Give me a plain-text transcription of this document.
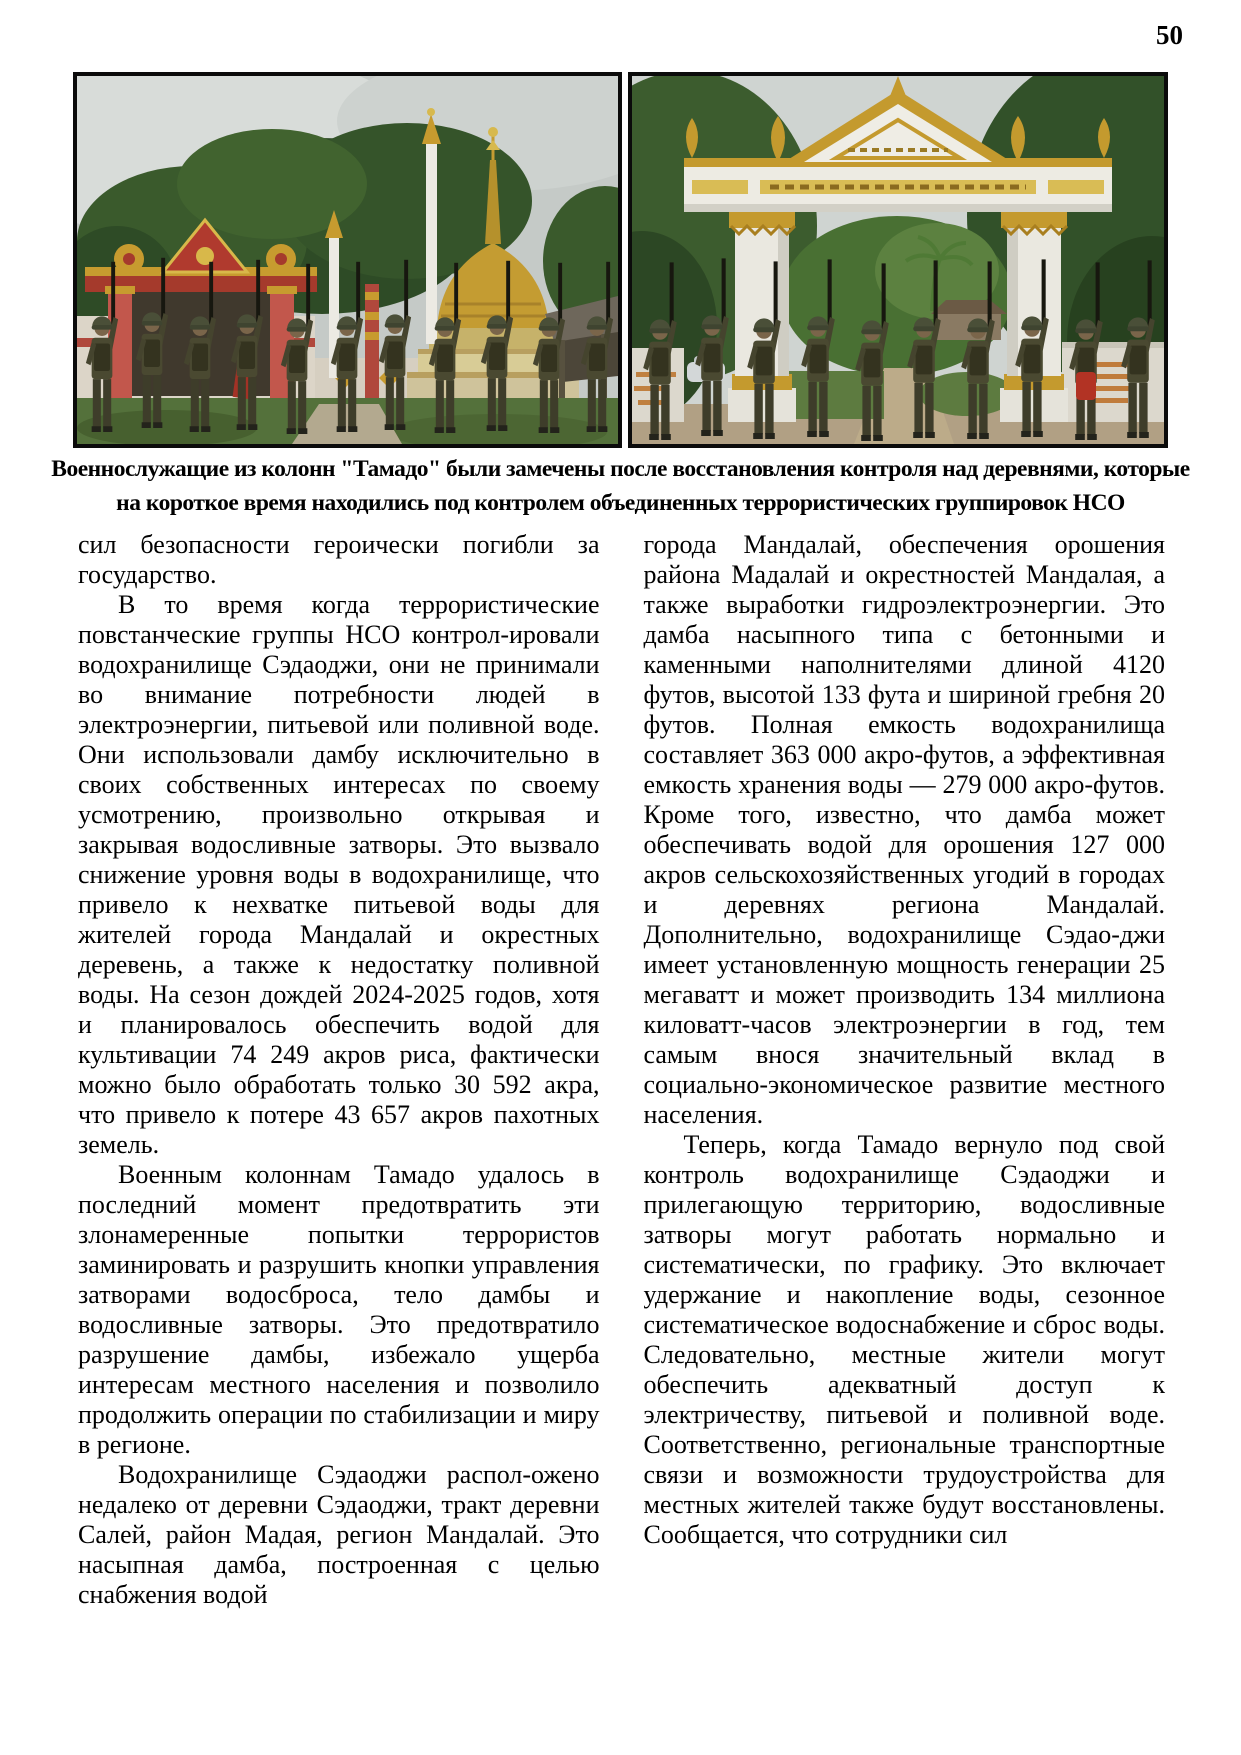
50
Военнослужащие из колонн "Тамадо" были замечены после восстановления контроля над деревнями, которые
на короткое время находились под контролем объединенных террористических группировок НСО

сил безопасности героически погибли за государство.

В то время когда террористические повстанческие группы НСО контрол-ировали водохранилище Сэдаоджи, они не принимали во внимание потребности людей в электроэнергии, питьевой или поливной воде. Они использовали дамбу исключительно в своих собственных интересах по своему усмотрению, произвольно открывая и закрывая водосливные затворы. Это вызвало снижение уровня воды в водохранилище, что привело к нехватке питьевой воды для жителей города Мандалай и окрестных деревень, а также к недостатку поливной воды. На сезон дождей 2024-2025 годов, хотя и планировалось обеспечить водой для культивации 74 249 акров риса, фактически можно было обработать только 30 592 акра, что привело к потере 43 657 акров пахотных земель.

Военным колоннам Тамадо удалось в последний момент предотвратить эти злонамеренные попытки террористов заминировать и разрушить кнопки управления затворами водосброса, тело дамбы и водосливные затворы. Это предотвратило разрушение дамбы, избежало ущерба интересам местного населения и позволило продолжить операции по стабилизации и миру в регионе.

Водохранилище Сэдаоджи распол-ожено недалеко от деревни Сэдаоджи, тракт деревни Салей, район Мадая, регион Мандалай. Это насыпная дамба, построенная с целью снабжения водой

города Мандалай, обеспечения орошения района Мадалай и окрестностей Мандалая, а также выработки гидроэлектроэнергии. Это дамба насыпного типа с бетонными и каменными наполнителями длиной 4120 футов, высотой 133 фута и шириной гребня 20 футов. Полная емкость водохранилища составляет 363 000 акро-футов, а эффективная емкость хранения воды — 279 000 акро-футов. Кроме того, известно, что дамба может обеспечивать водой для орошения 127 000 акров сельскохозяйственных угодий в городах и деревнях региона Мандалай. Дополнительно, водохранилище Сэдао-джи имеет установленную мощность генерации 25 мегаватт и может производить 134 миллиона киловатт-часов электроэнергии в год, тем самым внося значительный вклад в социально-экономическое развитие местного населения.

Теперь, когда Тамадо вернуло под свой контроль водохранилище Сэдаоджи и прилегающую территорию, водосливные затворы могут работать нормально и систематически, по графику. Это включает удержание и накопление воды, сезонное систематическое водоснабжение и сброс воды. Следовательно, местные жители могут обеспечить адекватный доступ к электричеству, питьевой и поливной воде. Соответственно, региональные транспортные связи и возможности трудоустройства для местных жителей также будут восстановлены. Сообщается, что сотрудники сил
